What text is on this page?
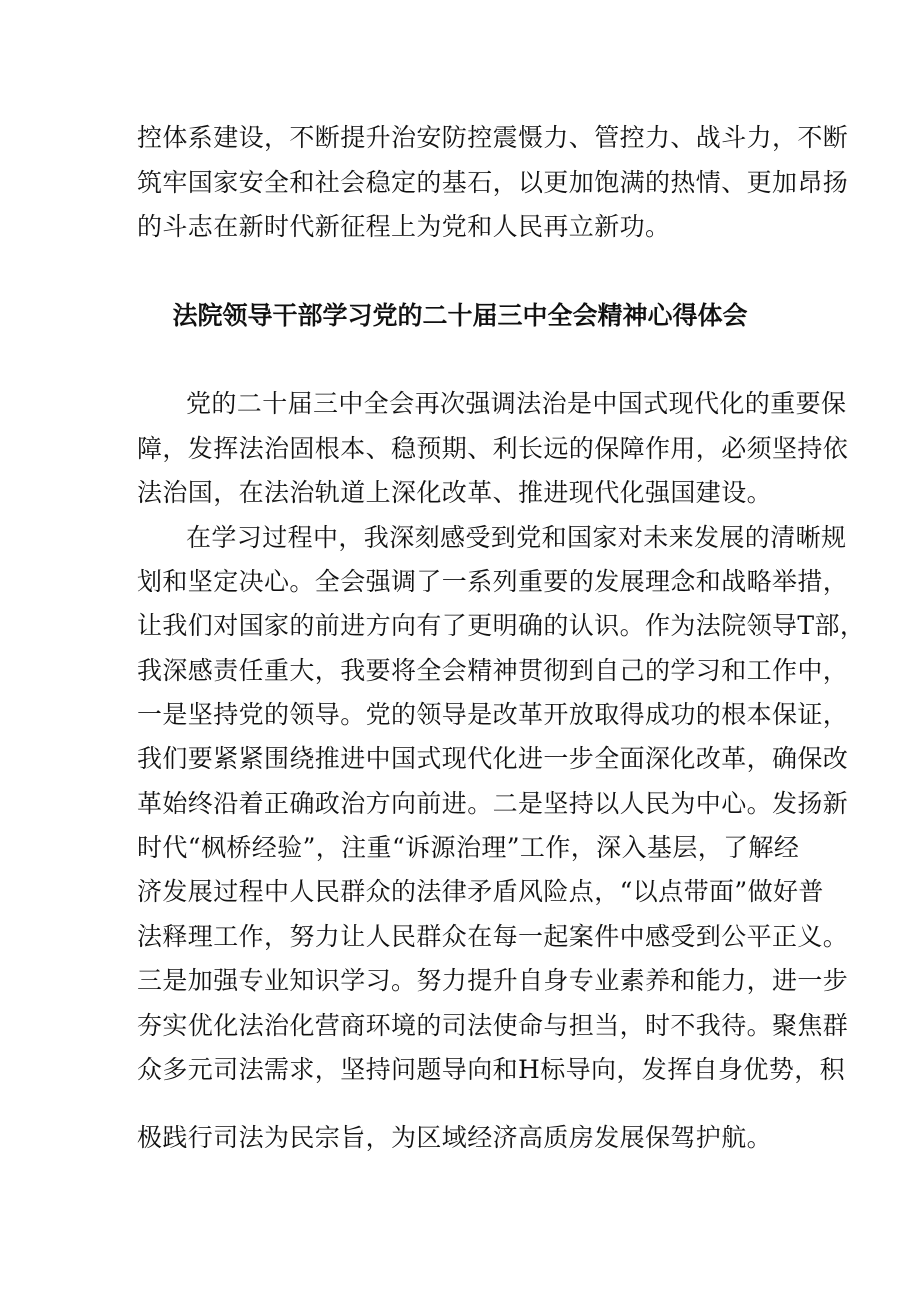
控体系建设，不断提升治安防控震慑力、管控力、战斗力，不断
筑牢国家安全和社会稳定的基石，以更加饱满的热情、更加昂扬
的斗志在新时代新征程上为党和人民再立新功。
法院领导干部学习党的二十届三中全会精神心得体会
党的二十届三中全会再次强调法治是中国式现代化的重要保
障，发挥法治固根本、稳预期、利长远的保障作用，必须坚持依
法治国，在法治轨道上深化改革、推进现代化强国建设。
在学习过程中，我深刻感受到党和国家对未来发展的清晰规
划和坚定决心。全会强调了一系列重要的发展理念和战略举措，
让我们对国家的前进方向有了更明确的认识。作为法院领导T部，
我深感责任重大，我要将全会精神贯彻到自己的学习和工作中，
一是坚持党的领导。党的领导是改革开放取得成功的根本保证，
我们要紧紧围绕推进中国式现代化进一步全面深化改革，确保改
革始终沿着正确政治方向前进。二是坚持以人民为中心。发扬新
时代“枫桥经验”，注重“诉源治理”工作，深入基层，了解经
济发展过程中人民群众的法律矛盾风险点，“以点带面”做好普
法释理工作，努力让人民群众在每一起案件中感受到公平正义。
三是加强专业知识学习。努力提升自身专业素养和能力，进一步
夯实优化法治化营商环境的司法使命与担当，时不我待。聚焦群
众多元司法需求，坚持问题导向和H标导向，发挥自身优势，积
极践行司法为民宗旨，为区域经济高质房发展保驾护航。
